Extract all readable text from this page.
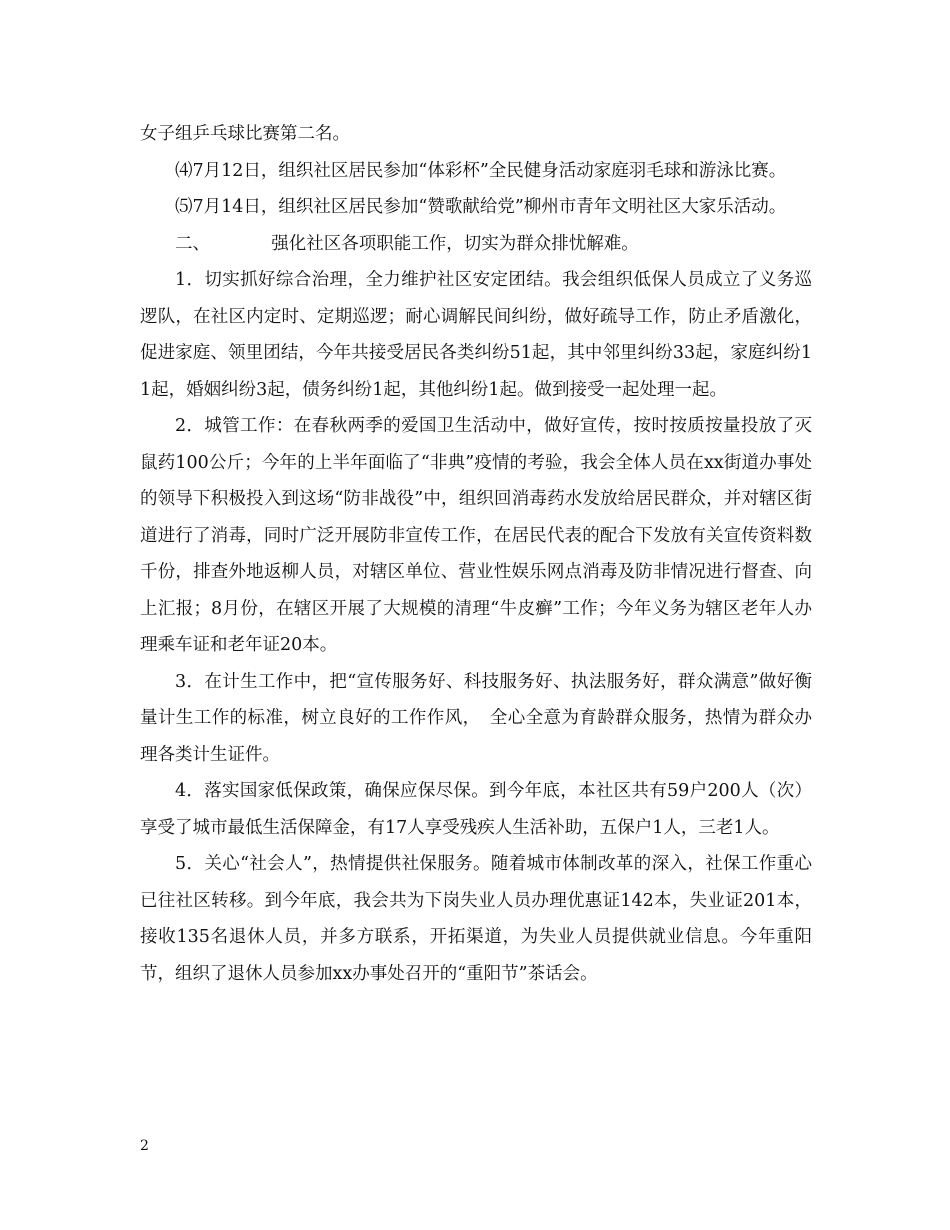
女子组乒乓球比赛第二名。

⑷7月12日，组织社区居民参加“体彩杯”全民健身活动家庭羽毛球和游泳比赛。

⑸7月14日，组织社区居民参加“赞歌献给党”柳州市青年文明社区大家乐活动。

二、　　　　强化社区各项职能工作，切实为群众排忧解难。

1．切实抓好综合治理，全力维护社区安定团结。我会组织低保人员成立了义务巡逻队，在社区内定时、定期巡逻；耐心调解民间纠纷，做好疏导工作，防止矛盾激化，促进家庭、领里团结，今年共接受居民各类纠纷51起，其中邻里纠纷33起，家庭纠纷11起，婚姻纠纷3起，债务纠纷1起，其他纠纷1起。做到接受一起处理一起。

2．城管工作：在春秋两季的爱国卫生活动中，做好宣传，按时按质按量投放了灭鼠药100公斤；今年的上半年面临了“非典”疫情的考验，我会全体人员在xx街道办事处的领导下积极投入到这场“防非战役”中，组织回消毒药水发放给居民群众，并对辖区街道进行了消毒，同时广泛开展防非宣传工作，在居民代表的配合下发放有关宣传资料数千份，排查外地返柳人员，对辖区单位、营业性娱乐网点消毒及防非情况进行督查、向上汇报；8月份，在辖区开展了大规模的清理“牛皮癣”工作；今年义务为辖区老年人办理乘车证和老年证20本。

3．在计生工作中，把“宣传服务好、科技服务好、执法服务好，群众满意”做好衡量计生工作的标准，树立良好的工作作风，　全心全意为育龄群众服务，热情为群众办理各类计生证件。

4．落实国家低保政策，确保应保尽保。到今年底，本社区共有59户200人（次）享受了城市最低生活保障金，有17人享受残疾人生活补助，五保户1人，三老1人。

5．关心“社会人”，热情提供社保服务。随着城市体制改革的深入，社保工作重心已往社区转移。到今年底，我会共为下岗失业人员办理优惠证142本，失业证201本，接收135名退休人员，并多方联系，开拓渠道，为失业人员提供就业信息。今年重阳节，组织了退休人员参加xx办事处召开的“重阳节”茶话会。

2
